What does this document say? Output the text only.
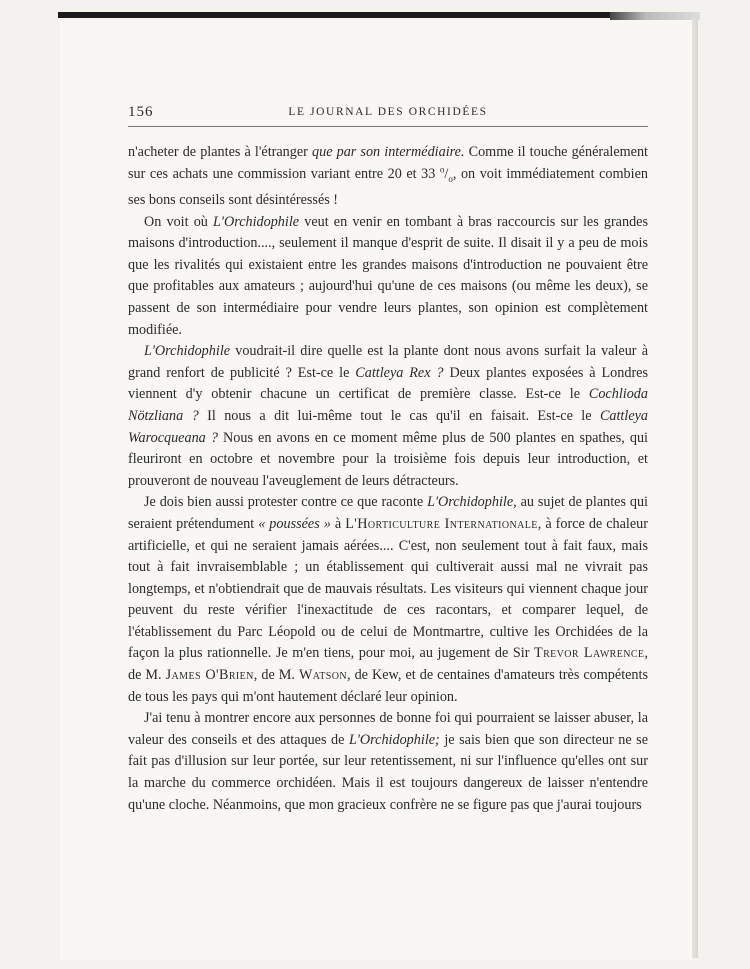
156	LE JOURNAL DES ORCHIDÉES

n'acheter de plantes à l'étranger que par son intermédiaire. Comme il touche généralement sur ces achats une commission variant entre 20 et 33 $^o/_o$, on voit immédiatement combien ses bons conseils sont désintéressés !

On voit où L'Orchidophile veut en venir en tombant à bras raccourcis sur les grandes maisons d'introduction...., seulement il manque d'esprit de suite. Il disait il y a peu de mois que les rivalités qui existaient entre les grandes maisons d'introduction ne pouvaient être que profitables aux amateurs ; aujourd'hui qu'une de ces maisons (ou même les deux), se passent de son intermédiaire pour vendre leurs plantes, son opinion est complètement modifiée.

L'Orchidophile voudrait-il dire quelle est la plante dont nous avons surfait la valeur à grand renfort de publicité ? Est-ce le Cattleya Rex ? Deux plantes exposées à Londres viennent d'y obtenir chacune un certificat de première classe. Est-ce le Cochlioda Nötzliana ? Il nous a dit lui-même tout le cas qu'il en faisait. Est-ce le Cattleya Warocqueana ? Nous en avons en ce moment même plus de 500 plantes en spathes, qui fleuriront en octobre et novembre pour la troisième fois depuis leur introduction, et prouveront de nouveau l'aveuglement de leurs détracteurs.

Je dois bien aussi protester contre ce que raconte L'Orchidophile, au sujet de plantes qui seraient prétendument « poussées » à L'Horticulture Internationale, à force de chaleur artificielle, et qui ne seraient jamais aérées.... C'est, non seulement tout à fait faux, mais tout à fait invraisemblable ; un établissement qui cultiverait aussi mal ne vivrait pas longtemps, et n'obtiendrait que de mauvais résultats. Les visiteurs qui viennent chaque jour peuvent du reste vérifier l'inexactitude de ces racontars, et comparer lequel, de l'établissement du Parc Léopold ou de celui de Montmartre, cultive les Orchidées de la façon la plus rationnelle. Je m'en tiens, pour moi, au jugement de Sir Trevor Lawrence, de M. James O'Brien, de M. Watson, de Kew, et de centaines d'amateurs très compétents de tous les pays qui m'ont hautement déclaré leur opinion.

J'ai tenu à montrer encore aux personnes de bonne foi qui pourraient se laisser abuser, la valeur des conseils et des attaques de L'Orchidophile; je sais bien que son directeur ne se fait pas d'illusion sur leur portée, sur leur retentissement, ni sur l'influence qu'elles ont sur la marche du commerce orchidéen. Mais il est toujours dangereux de laisser n'entendre qu'une cloche. Néanmoins, que mon gracieux confrère ne se figure pas que j'aurai toujours
